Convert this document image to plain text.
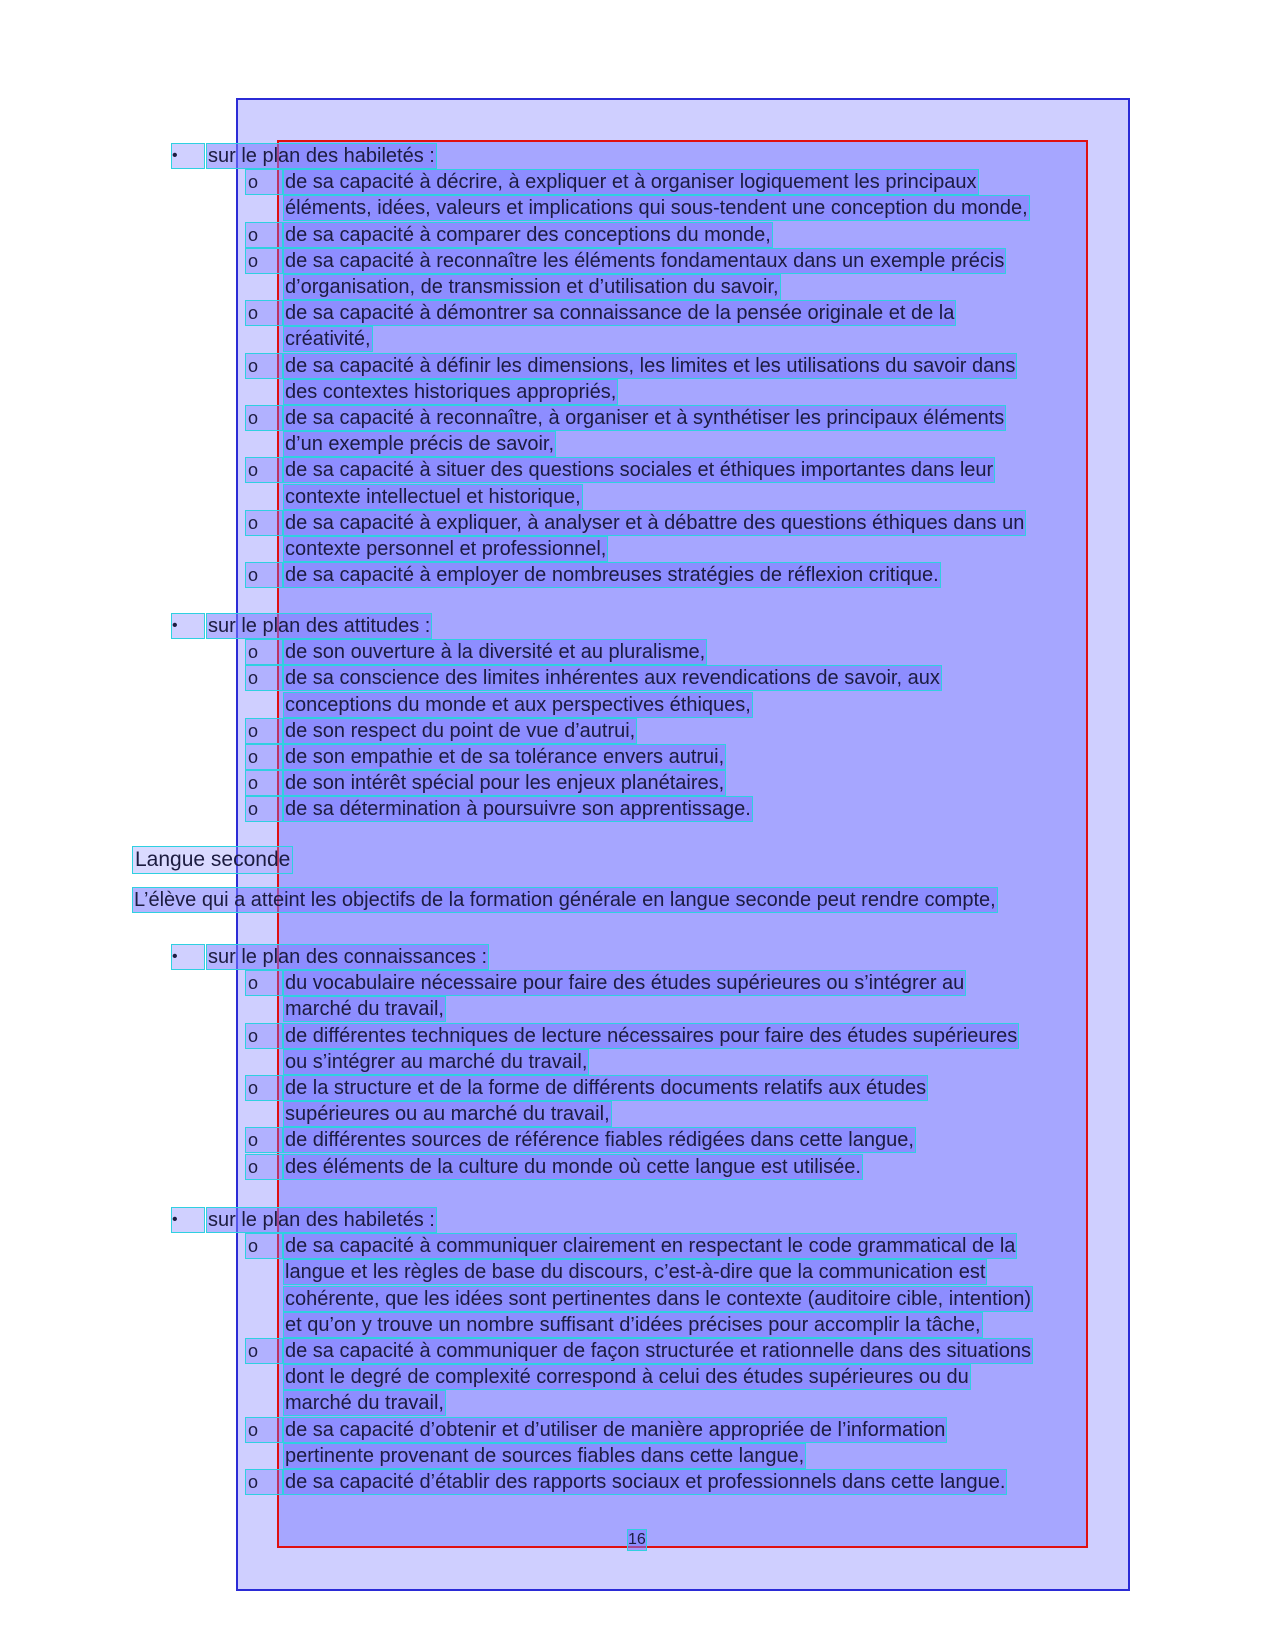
Langue seconde
L’élève qui a atteint les objectifs de la formation générale en langue seconde peut rendre compte,
16
•	sur le plan des habiletés :
o	de sa capacité à décrire, à expliquer et à organiser logiquement les principaux
éléments, idées, valeurs et implications qui sous-tendent une conception du monde,
o	de sa capacité à comparer des conceptions du monde,
o	de sa capacité à reconnaître les éléments fondamentaux dans un exemple précis
d’organisation, de transmission et d’utilisation du savoir,
o	de sa capacité à démontrer sa connaissance de la pensée originale et de la
créativité,
o	de sa capacité à définir les dimensions, les limites et les utilisations du savoir dans
des contextes historiques appropriés,
o	de sa capacité à reconnaître, à organiser et à synthétiser les principaux éléments
d’un exemple précis de savoir,
o	de sa capacité à situer des questions sociales et éthiques importantes dans leur
contexte intellectuel et historique,
o	de sa capacité à expliquer, à analyser et à débattre des questions éthiques dans un
contexte personnel et professionnel,
o	de sa capacité à employer de nombreuses stratégies de réflexion critique.
•	sur le plan des attitudes :
o	de son ouverture à la diversité et au pluralisme,
o	de sa conscience des limites inhérentes aux revendications de savoir, aux
conceptions du monde et aux perspectives éthiques,
o	de son respect du point de vue d’autrui,
o	de son empathie et de sa tolérance envers autrui,
o	de son intérêt spécial pour les enjeux planétaires,
o	de sa détermination à poursuivre son apprentissage.
•	sur le plan des connaissances :
o	du vocabulaire nécessaire pour faire des études supérieures ou s’intégrer au
marché du travail,
o	de différentes techniques de lecture nécessaires pour faire des études supérieures
ou s’intégrer au marché du travail,
o	de la structure et de la forme de différents documents relatifs aux études
supérieures ou au marché du travail,
o	de différentes sources de référence fiables rédigées dans cette langue,
o	des éléments de la culture du monde où cette langue est utilisée.
•	sur le plan des habiletés :
o	de sa capacité à communiquer clairement en respectant le code grammatical de la
langue et les règles de base du discours, c’est-à-dire que la communication est
cohérente, que les idées sont pertinentes dans le contexte (auditoire cible, intention)
et qu’on y trouve un nombre suffisant d’idées précises pour accomplir la tâche,
o	de sa capacité à communiquer de façon structurée et rationnelle dans des situations
dont le degré de complexité correspond à celui des études supérieures ou du
marché du travail,
o	de sa capacité d’obtenir et d’utiliser de manière appropriée de l’information
pertinente provenant de sources fiables dans cette langue,
o	de sa capacité d’établir des rapports sociaux et professionnels dans cette langue.
